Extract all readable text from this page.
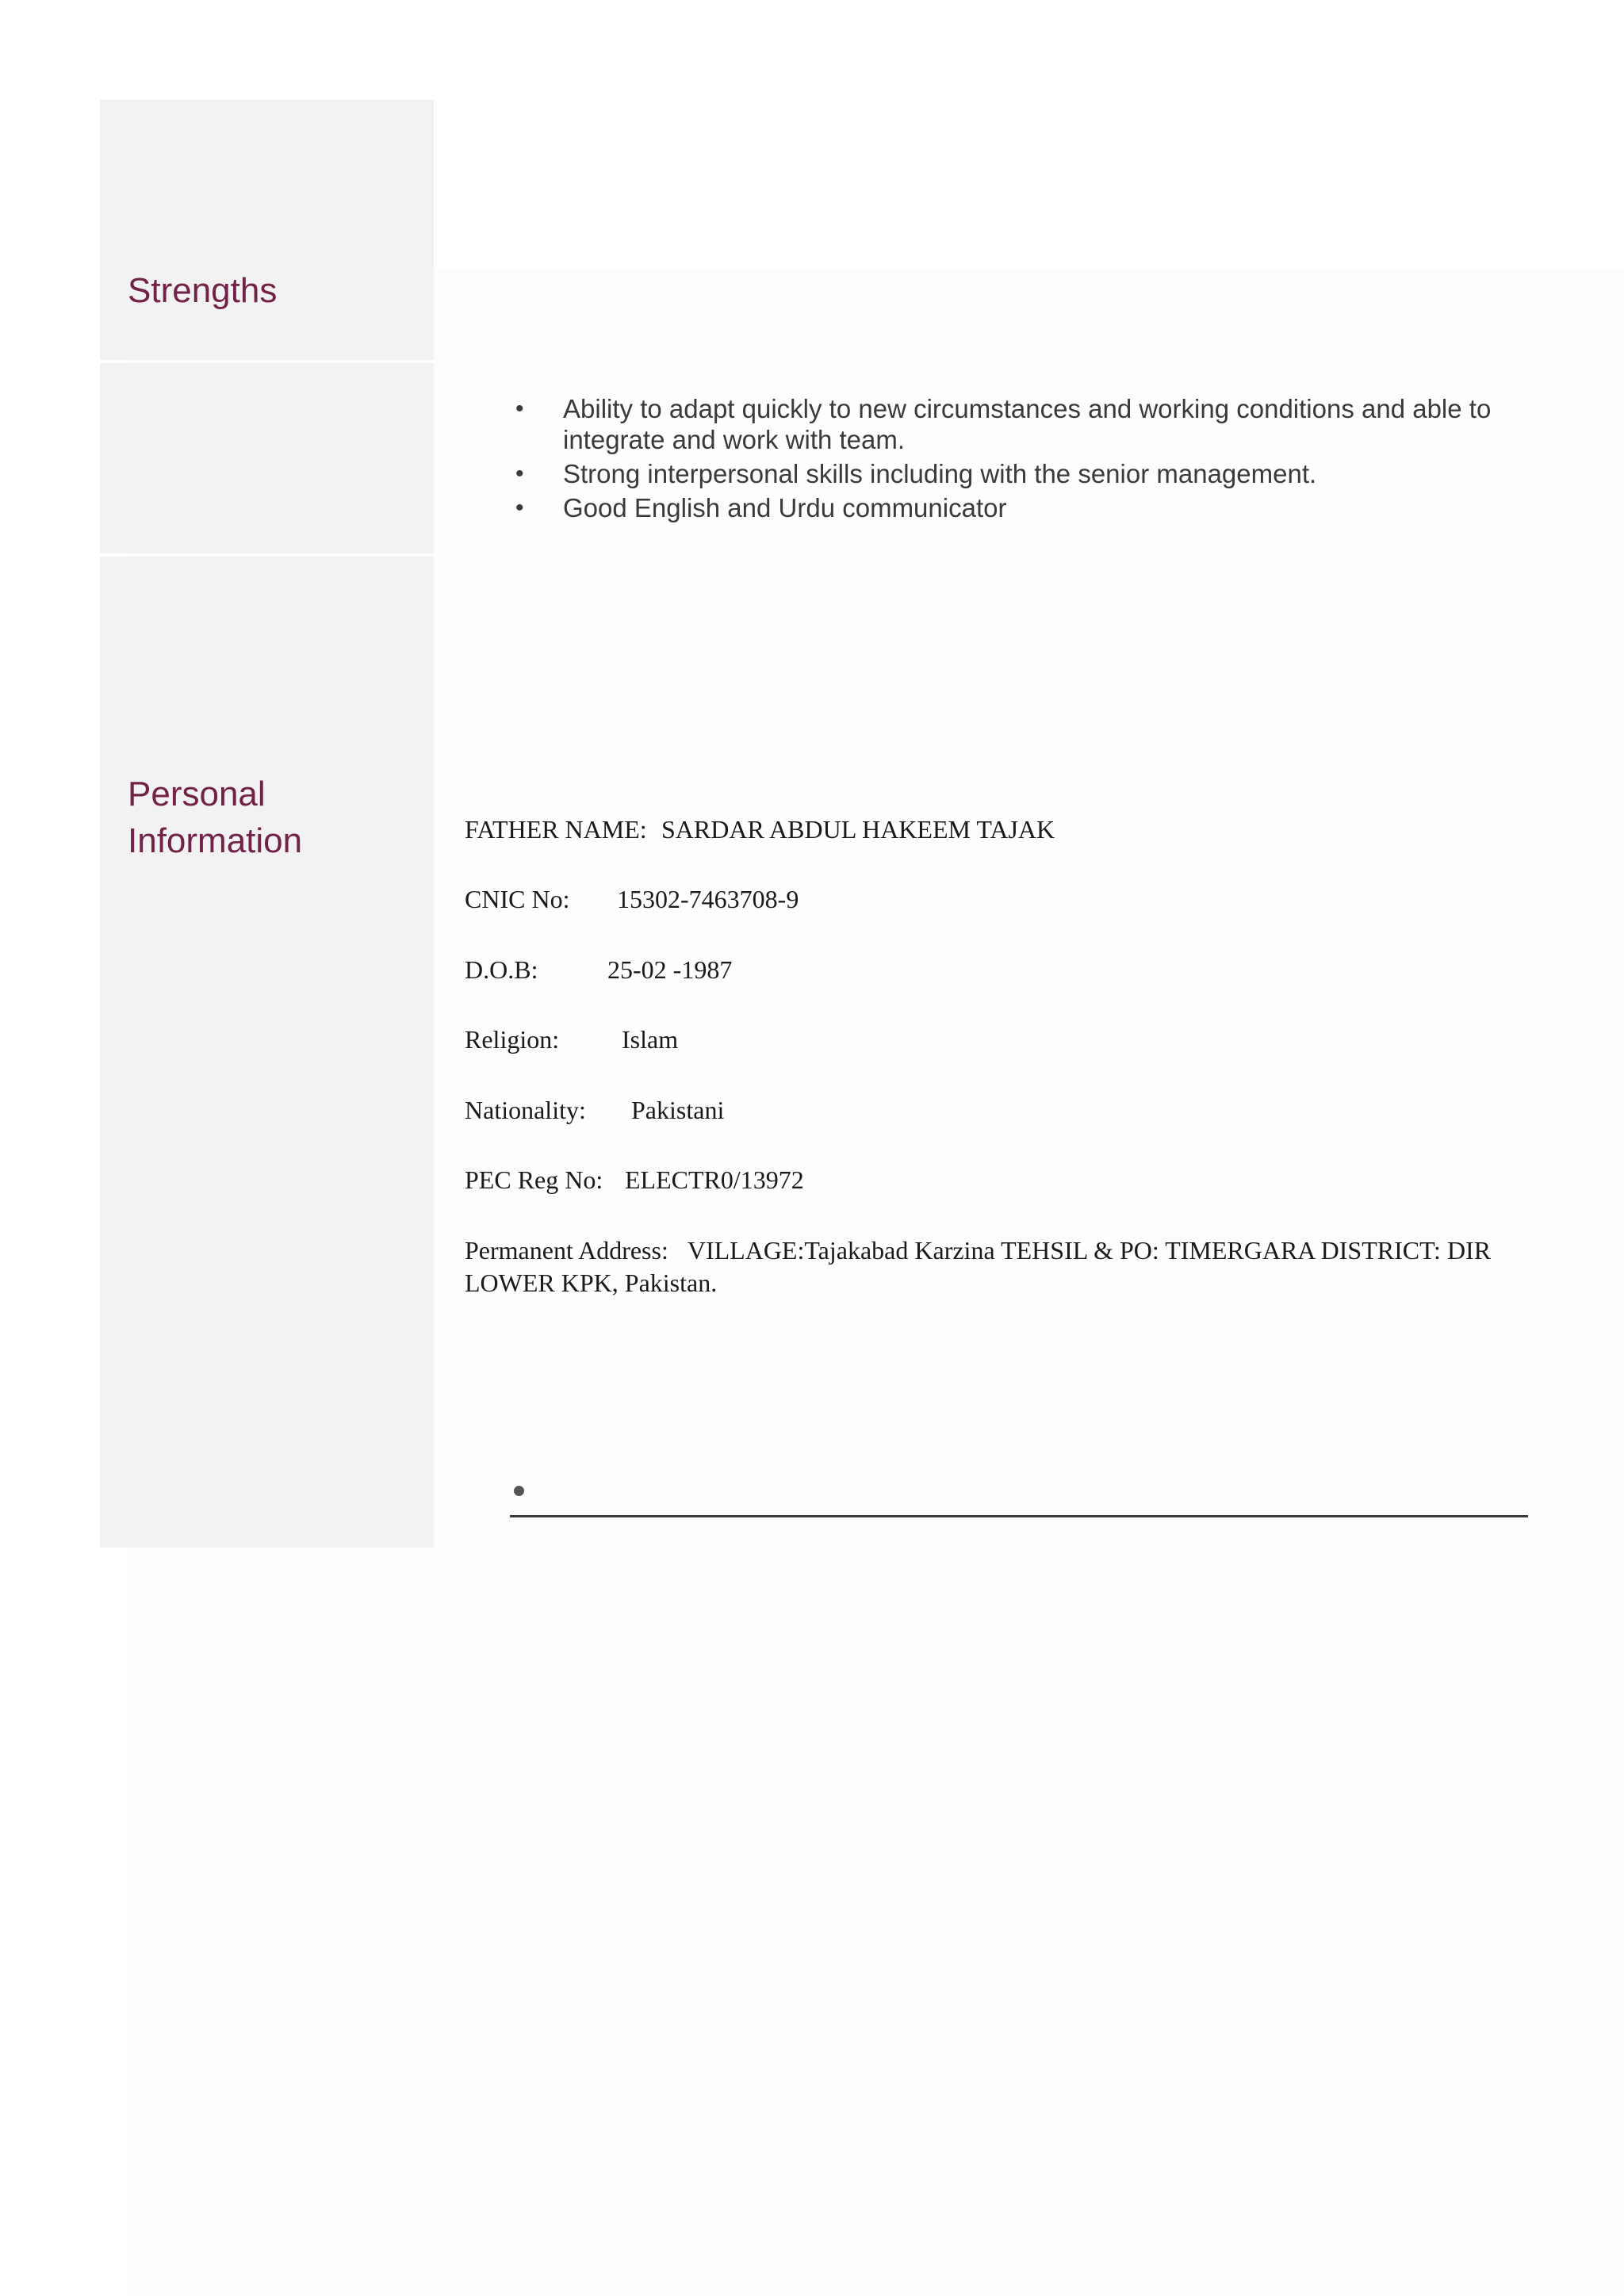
Strengths
Personal
Information
• Ability to adapt quickly to new circumstances and working conditions and able to integrate and work with team.
• Strong interpersonal skills including with the senior management.
• Good English and Urdu communicator

FATHER NAME: SARDAR ABDUL HAKEEM TAJAK

CNIC No: 15302-7463708-9

D.O.B:	25-02 -1987

Religion: Islam

Nationality: Pakistani

PEC Reg No: ELECTR0/13972

Permanent Address: VILLAGE:Tajakabad Karzina TEHSIL & PO: TIMERGARA DISTRICT: DIR LOWER KPK, Pakistan.
